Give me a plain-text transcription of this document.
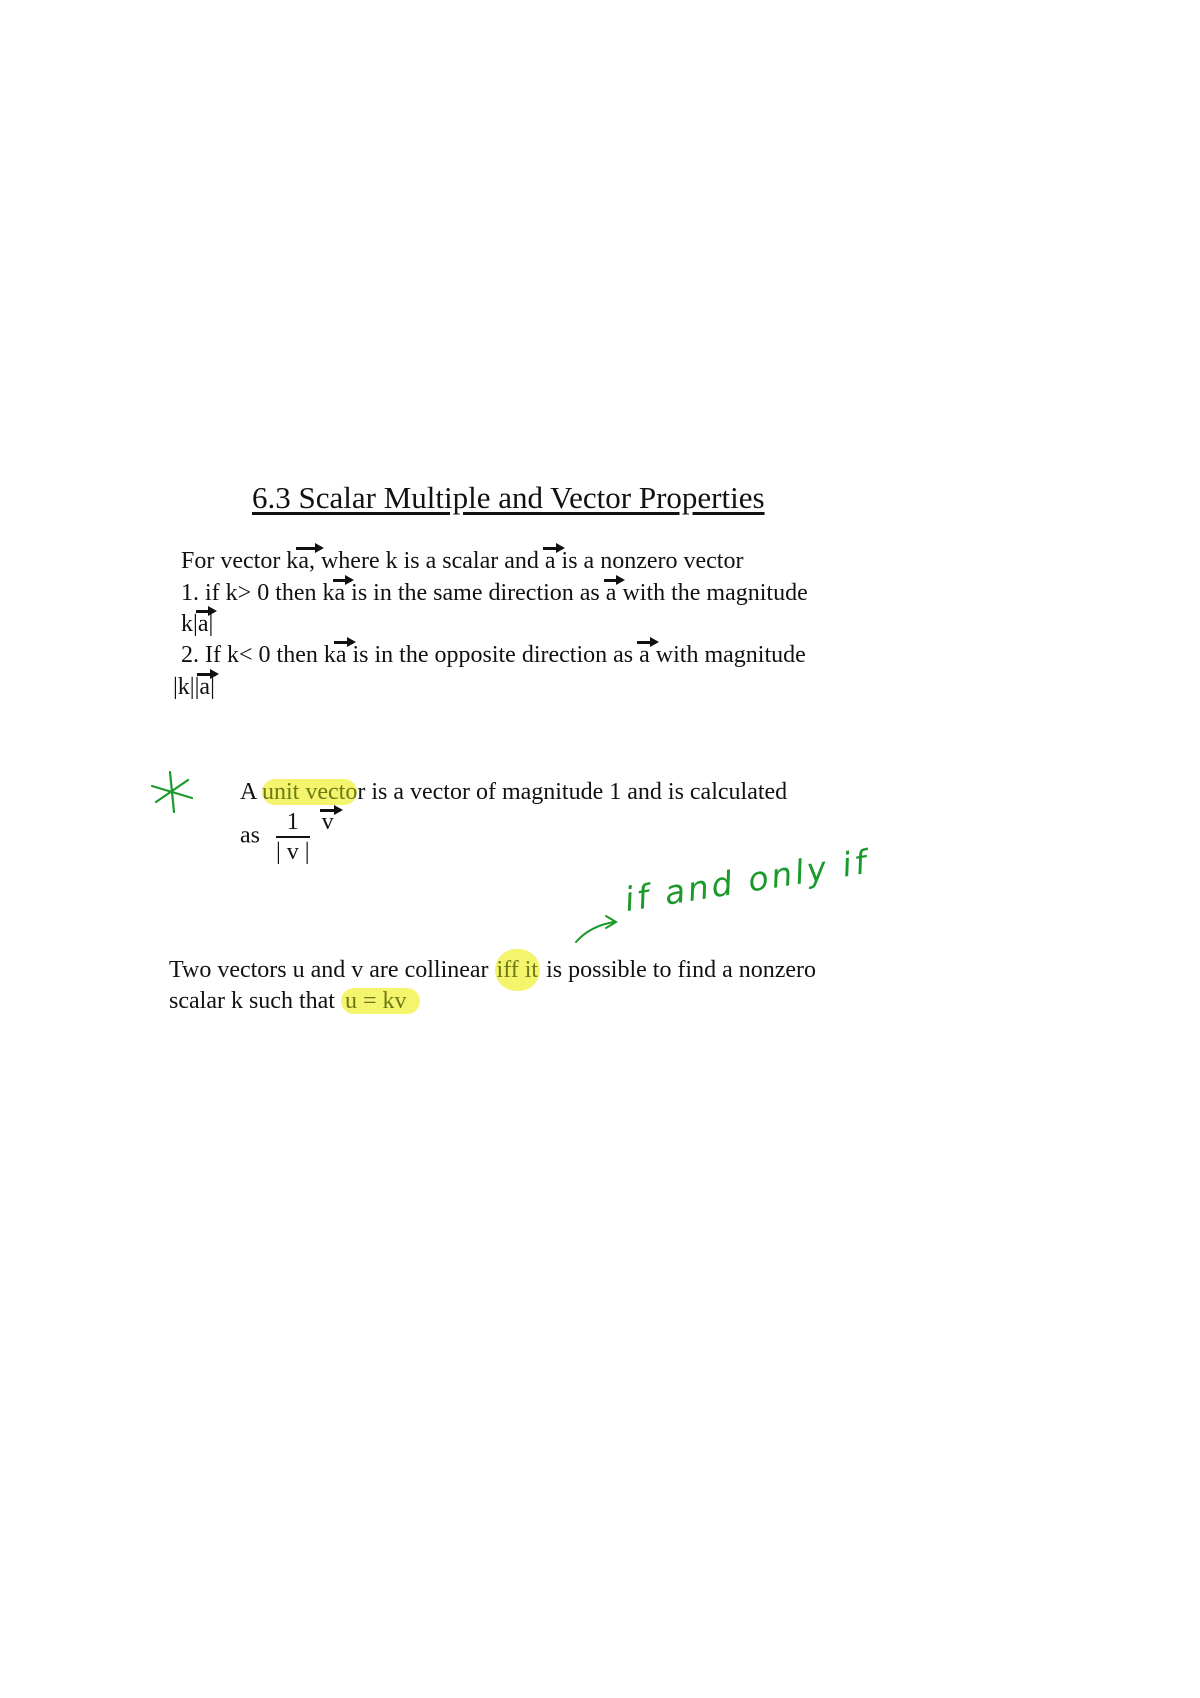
6.3 Scalar Multiple and Vector Properties
For vector ka, where k is a scalar and a is a nonzero vector
1. if k> 0 then ka is in the same direction as a with the magnitude
k|a|
2. If k< 0 then ka is in the opposite direction as a with magnitude
|k||a|
A unit vector is a vector of magnitude 1 and is calculated
as $\frac{1}{| v |}$ v
if and only if
Two vectors u and v are collinear iff it is possible to find a nonzero
scalar k such that u = kv
